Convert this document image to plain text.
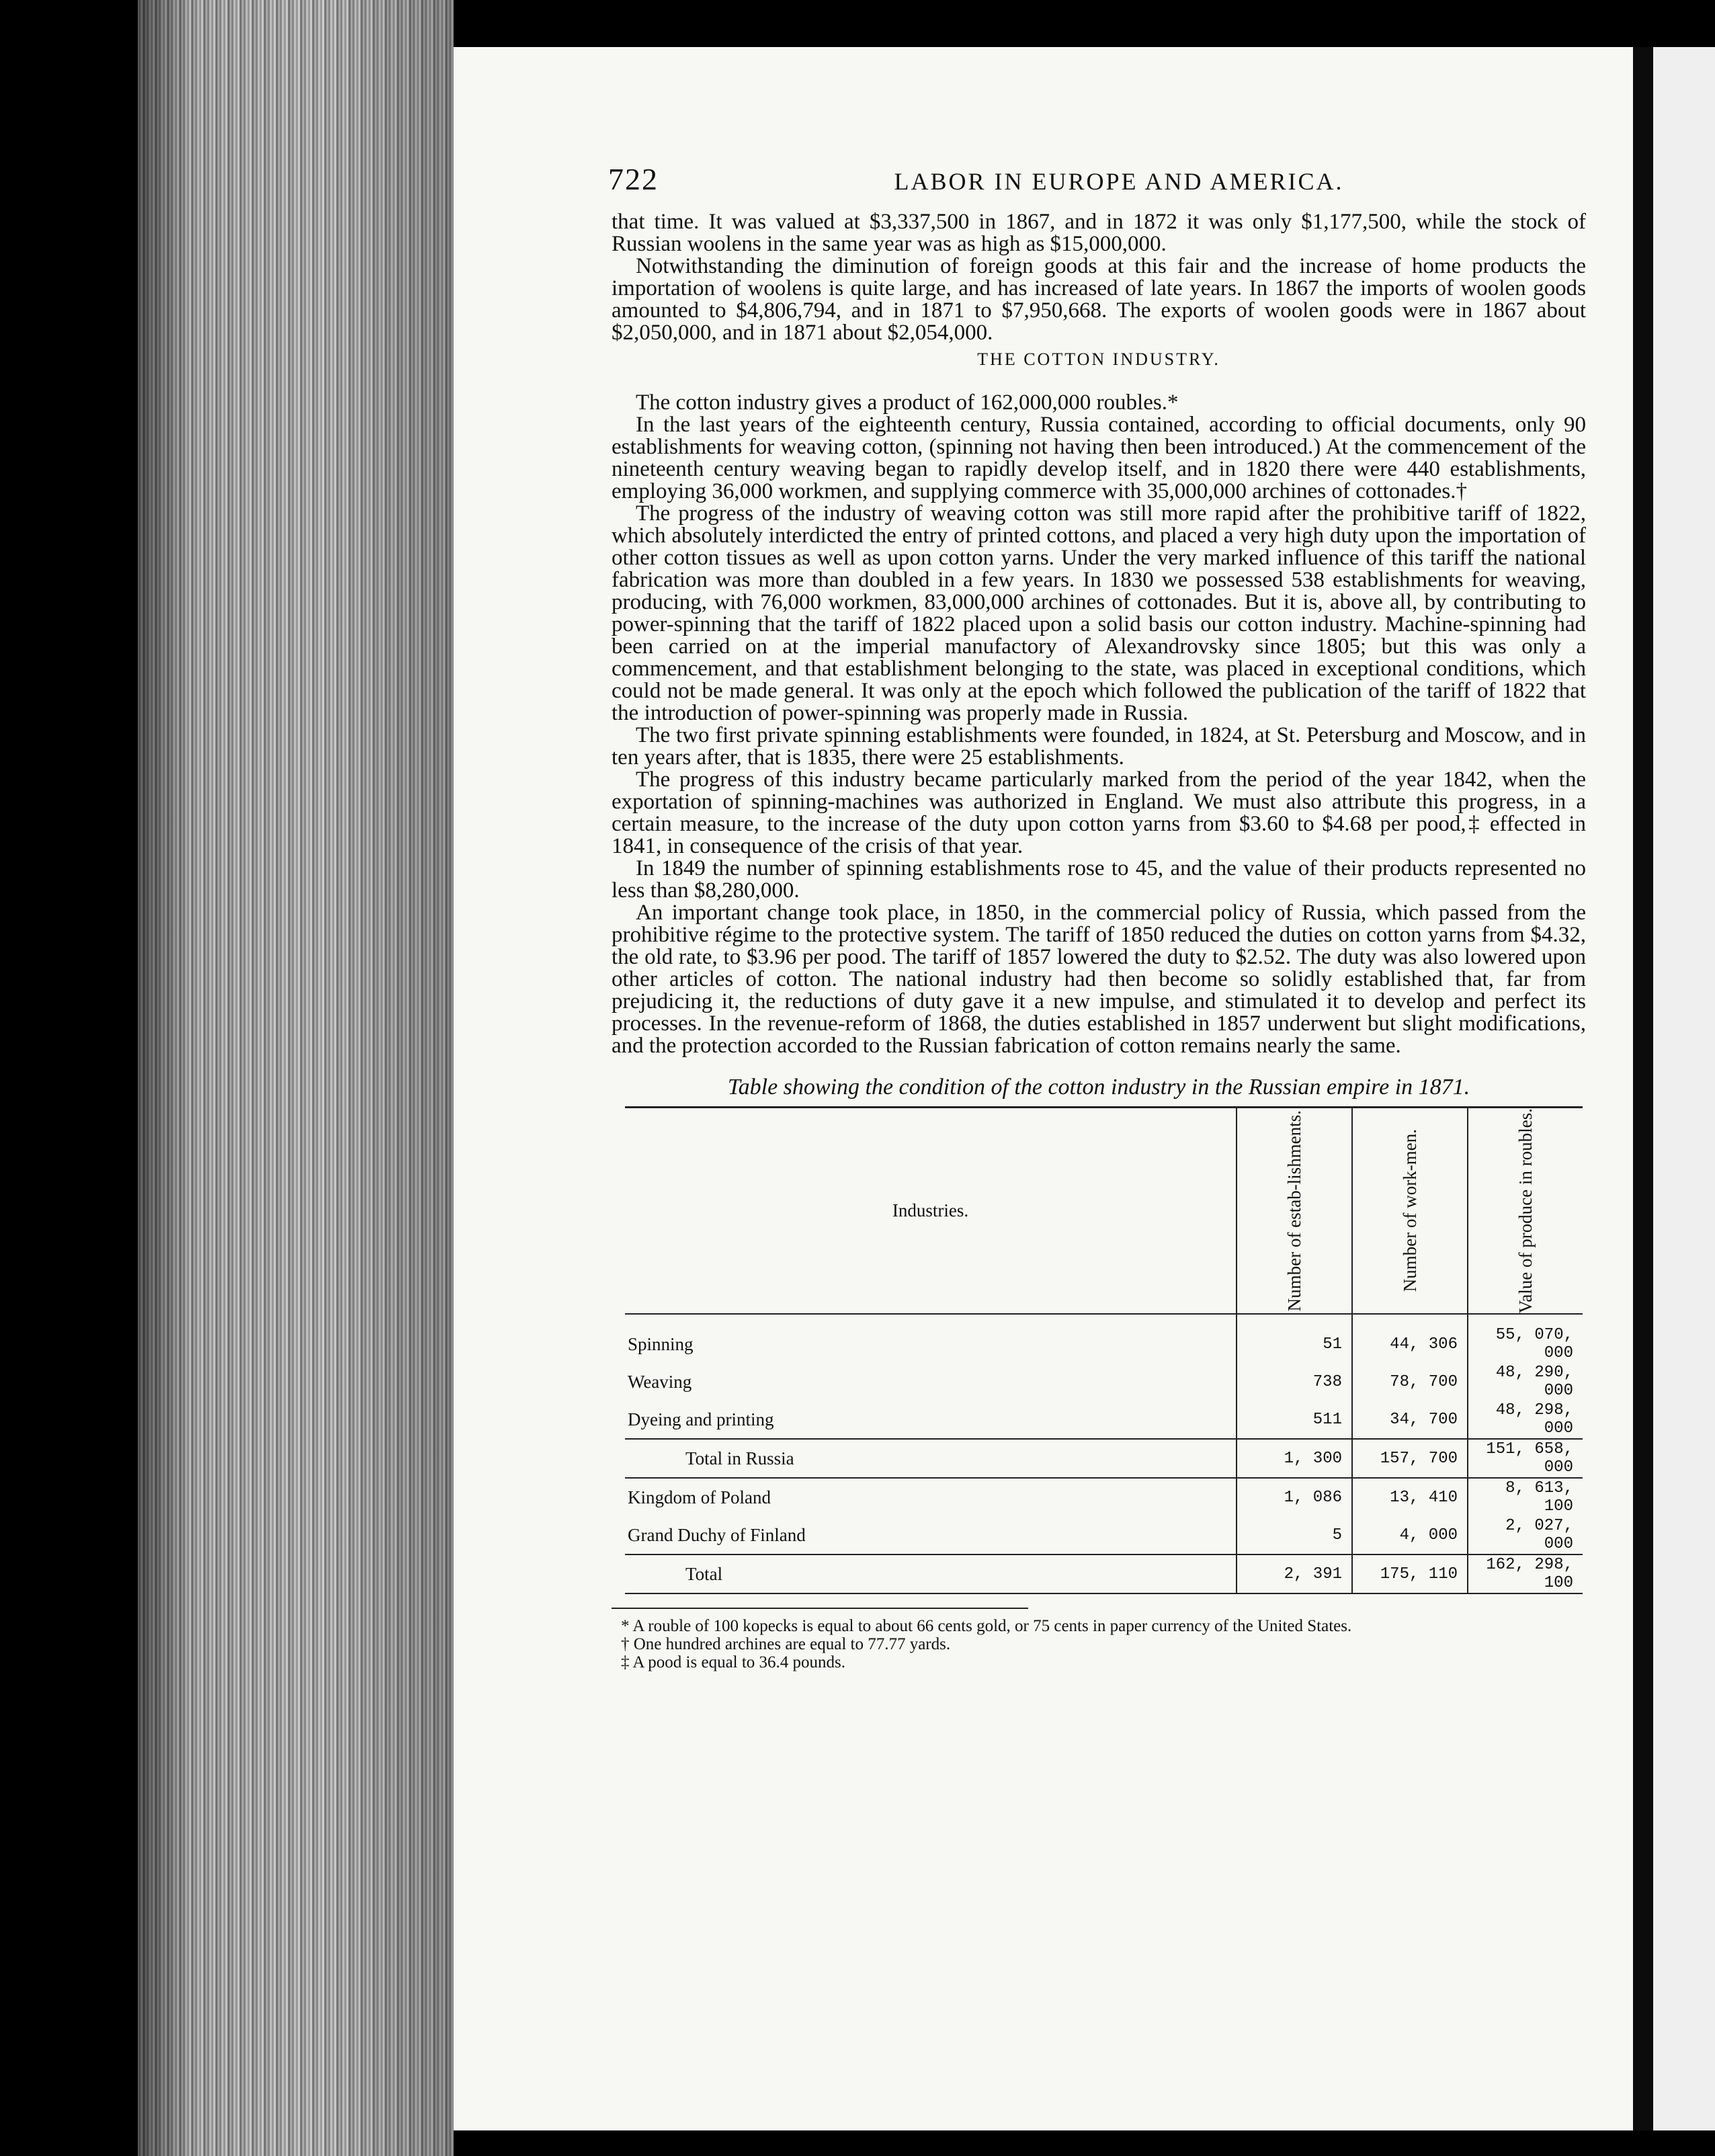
722	LABOR IN EUROPE AND AMERICA.

that time. It was valued at $3,337,500 in 1867, and in 1872 it was only $1,177,500, while the stock of Russian woolens in the same year was as high as $15,000,000.

Notwithstanding the diminution of foreign goods at this fair and the increase of home products the importation of woolens is quite large, and has increased of late years. In 1867 the imports of woolen goods amounted to $4,806,794, and in 1871 to $7,950,668. The exports of woolen goods were in 1867 about $2,050,000, and in 1871 about $2,054,000.

THE COTTON INDUSTRY.

The cotton industry gives a product of 162,000,000 roubles.*

In the last years of the eighteenth century, Russia contained, according to official documents, only 90 establishments for weaving cotton, (spinning not having then been introduced.) At the commencement of the nineteenth century weaving began to rapidly develop itself, and in 1820 there were 440 establishments, employing 36,000 workmen, and supplying commerce with 35,000,000 archines of cottonades.†

The progress of the industry of weaving cotton was still more rapid after the prohibitive tariff of 1822, which absolutely interdicted the entry of printed cottons, and placed a very high duty upon the importation of other cotton tissues as well as upon cotton yarns. Under the very marked influence of this tariff the national fabrication was more than doubled in a few years. In 1830 we possessed 538 establishments for weaving, producing, with 76,000 workmen, 83,000,000 archines of cottonades. But it is, above all, by contributing to power-spinning that the tariff of 1822 placed upon a solid basis our cotton industry. Machine-spinning had been carried on at the imperial manufactory of Alexandrovsky since 1805; but this was only a commencement, and that establishment belonging to the state, was placed in exceptional conditions, which could not be made general. It was only at the epoch which followed the publication of the tariff of 1822 that the introduction of power-spinning was properly made in Russia.

The two first private spinning establishments were founded, in 1824, at St. Petersburg and Moscow, and in ten years after, that is 1835, there were 25 establishments.

The progress of this industry became particularly marked from the period of the year 1842, when the exportation of spinning-machines was authorized in England. We must also attribute this progress, in a certain measure, to the increase of the duty upon cotton yarns from $3.60 to $4.68 per pood,‡ effected in 1841, in consequence of the crisis of that year.

In 1849 the number of spinning establishments rose to 45, and the value of their products represented no less than $8,280,000.

An important change took place, in 1850, in the commercial policy of Russia, which passed from the prohibitive régime to the protective system. The tariff of 1850 reduced the duties on cotton yarns from $4.32, the old rate, to $3.96 per pood. The tariff of 1857 lowered the duty to $2.52. The duty was also lowered upon other articles of cotton. The national industry had then become so solidly established that, far from prejudicing it, the reductions of duty gave it a new impulse, and stimulated it to develop and perfect its processes. In the revenue-reform of 1868, the duties established in 1857 underwent but slight modifications, and the protection accorded to the Russian fabrication of cotton remains nearly the same.

Table showing the condition of the cotton industry in the Russian empire in 1871.
Industries.	Number of estab-lishments.	Number of work-men.	Value of produce in roubles.

Spinning	51	44, 306	55, 070, 000
Weaving	738	78, 700	48, 290, 000
Dyeing and printing	511	34, 700	48, 298, 000
Total in Russia	1, 300	157, 700	151, 658, 000
Kingdom of Poland	1, 086	13, 410	8, 613, 100
Grand Duchy of Finland	5	4, 000	2, 027, 000
Total	2, 391	175, 110	162, 298, 100

* A rouble of 100 kopecks is equal to about 66 cents gold, or 75 cents in paper currency of the United States.

† One hundred archines are equal to 77.77 yards.

‡ A pood is equal to 36.4 pounds.
